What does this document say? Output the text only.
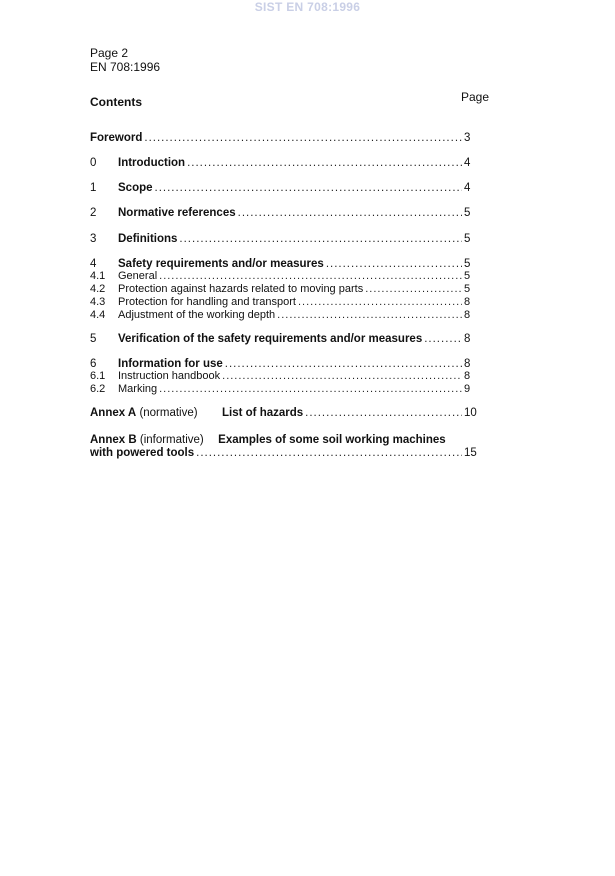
SIST EN 708:1996
Page 2
EN 708:1996
Contents	Page
Foreword .....	3
0	Introduction .....	4
1	Scope .....	4
2	Normative references .....	5
3	Definitions .....	5
4	Safety requirements and/or measures .....	5
4.1	General .....	5
4.2	Protection against hazards related to moving parts .....	5
4.3	Protection for handling and transport .....	8
4.4	Adjustment of the working depth .....	8
5	Verification of the safety requirements and/or measures .....	8
6	Information for use .....	8
6.1	Instruction handbook .....	8
6.2	Marking .....	9
Annex A (normative) List of hazards .....	10
Annex B (informative) Examples of some soil working machines
with powered tools .....	15
